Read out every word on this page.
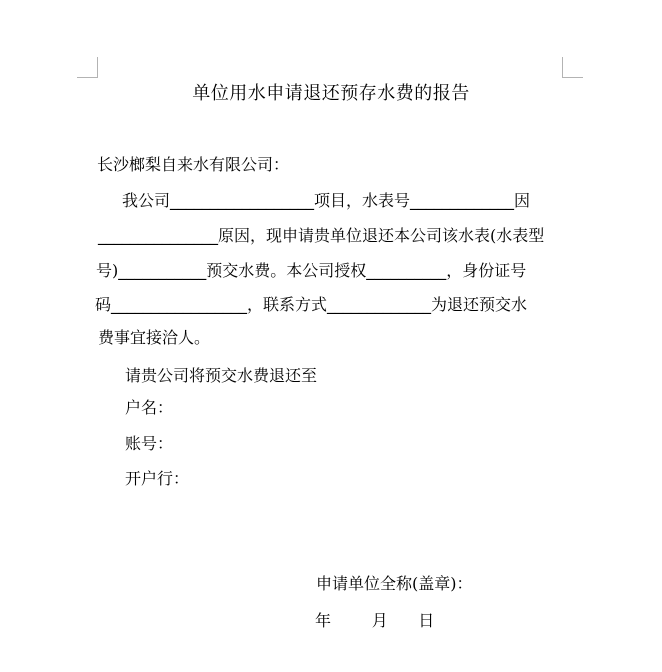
单位用水申请退还预存水费的报告
长沙榔梨自来水有限公司：
我公司__________________项目，水表号_____________因
_______________原因，现申请贵单位退还本公司该水表(水表型
号)___________预交水费。本公司授权__________，身份证号
码_________________，联系方式_____________为退还预交水
费事宜接洽人。
请贵公司将预交水费退还至
户名：
账号：
开户行：
申请单位全称(盖章)：
年        月      日
